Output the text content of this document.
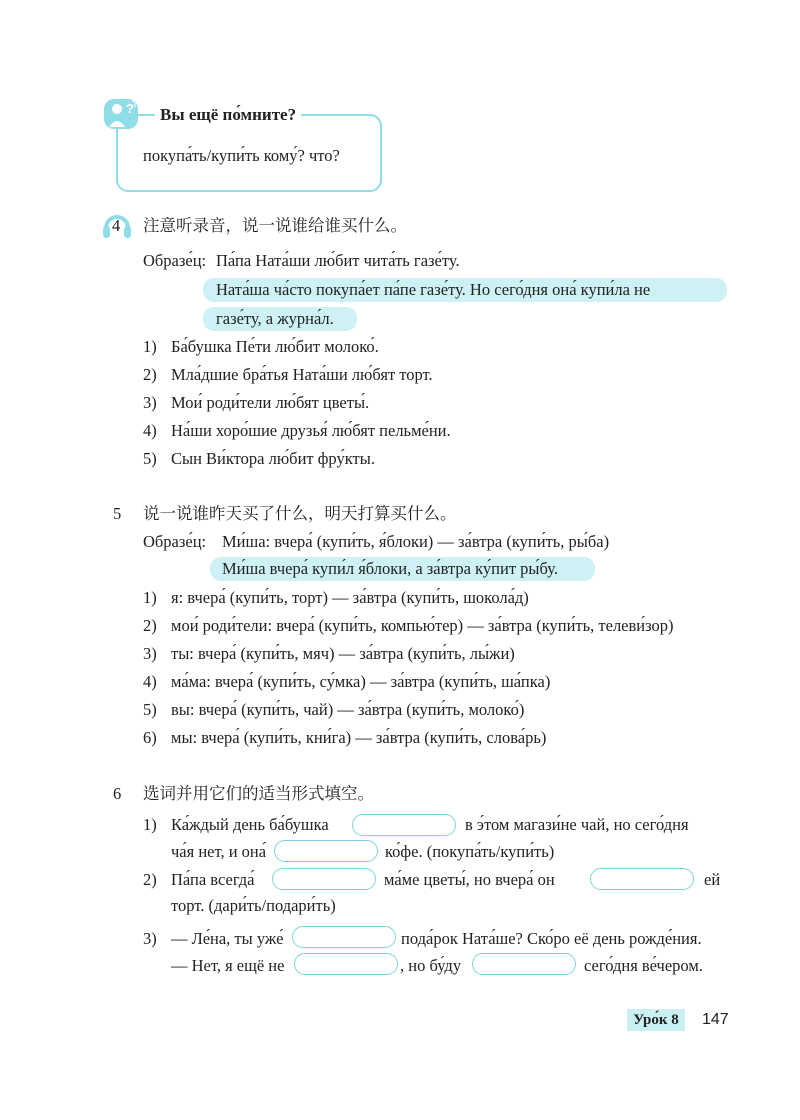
?
?
Вы ещё по́мните?
покупа́ть/купи́ть кому́? что?
4 注意听录音，说一说谁给谁买什么。
Образе́ц: Па́па Ната́ши лю́бит чита́ть газе́ту.
Ната́ша ча́сто покупа́ет па́пе газе́ту. Но сего́дня она́ купи́ла не
газе́ту, а журна́л.
1) Ба́бушка Пе́ти лю́бит молоко́.
2) Мла́дшие бра́тья Ната́ши лю́бят торт.
3) Мои́ роди́тели лю́бят цветы́.
4) На́ши хоро́шие друзья́ лю́бят пельме́ни.
5) Сын Ви́ктора лю́бит фру́кты.
5 说一说谁昨天买了什么，明天打算买什么。
Образе́ц: Ми́ша: вчера́ (купи́ть, я́блоки) — за́втра (купи́ть, ры́ба)
Ми́ша вчера́ купи́л я́блоки, а за́втра ку́пит ры́бу.
1) я: вчера́ (купи́ть, торт) — за́втра (купи́ть, шокола́д)
2) мои́ роди́тели: вчера́ (купи́ть, компью́тер) — за́втра (купи́ть, телеви́зор)
3) ты: вчера́ (купи́ть, мяч) — за́втра (купи́ть, лы́жи)
4) ма́ма: вчера́ (купи́ть, су́мка) — за́втра (купи́ть, ша́пка)
5) вы: вчера́ (купи́ть, чай) — за́втра (купи́ть, молоко́)
6) мы: вчера́ (купи́ть, кни́га) — за́втра (купи́ть, слова́рь)
6 选词并用它们的适当形式填空。
1) Ка́ждый день ба́бушка	в э́том магази́не чай, но сего́дня
ча́я нет, и она́	ко́фе. (покупа́ть/купи́ть)
2) Па́па всегда́	ма́ме цветы́, но вчера́ он	ей
торт. (дари́ть/подари́ть)
3) — Ле́на, ты уже́	пода́рок Ната́ше? Ско́ро её день рожде́ния.
— Нет, я ещё не	, но бу́ду	сего́дня ве́чером.
Уро́к 8	147
